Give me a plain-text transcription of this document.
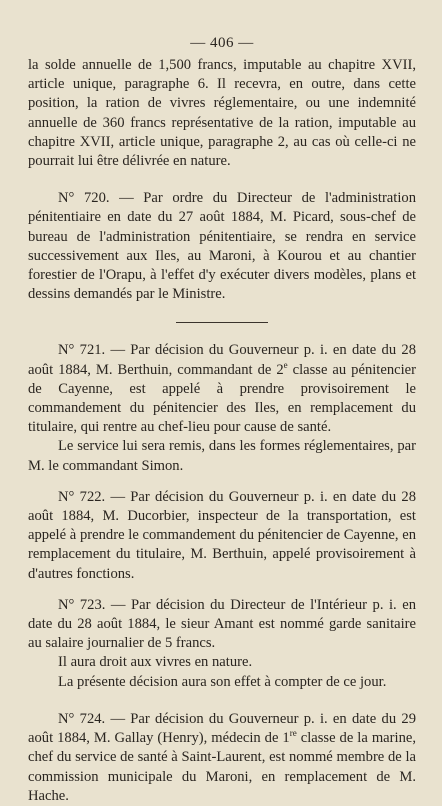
— 406 —

la solde annuelle de 1,500 francs, imputable au chapitre XVII, article unique, paragraphe 6. Il recevra, en outre, dans cette position, la ration de vivres réglementaire, ou une indemnité annuelle de 360 francs représentative de la ration, imputable au chapitre XVII, article unique, paragraphe 2, au cas où celle-ci ne pourrait lui être délivrée en nature.

N° 720. — Par ordre du Directeur de l'administration pénitentiaire en date du 27 août 1884, M. Picard, sous-chef de bureau de l'administration pénitentiaire, se rendra en service successivement aux Iles, au Maroni, à Kourou et au chantier forestier de l'Orapu, à l'effet d'y exécuter divers modèles, plans et dessins demandés par le Ministre.

N° 721. — Par décision du Gouverneur p. i. en date du 28 août 1884, M. Berthuin, commandant de 2e classe au pénitencier de Cayenne, est appelé à prendre provisoirement le commandement du pénitencier des Iles, en remplacement du titulaire, qui rentre au chef-lieu pour cause de santé.

Le service lui sera remis, dans les formes réglementaires, par M. le commandant Simon.

N° 722. — Par décision du Gouverneur p. i. en date du 28 août 1884, M. Ducorbier, inspecteur de la transportation, est appelé à prendre le commandement du pénitencier de Cayenne, en remplacement du titulaire, M. Berthuin, appelé provisoirement à d'autres fonctions.

N° 723. — Par décision du Directeur de l'Intérieur p. i. en date du 28 août 1884, le sieur Amant est nommé garde sanitaire au salaire journalier de 5 francs.

Il aura droit aux vivres en nature.

La présente décision aura son effet à compter de ce jour.

N° 724. — Par décision du Gouverneur p. i. en date du 29 août 1884, M. Gallay (Henry), médecin de 1re classe de la marine, chef du service de santé à Saint-Laurent, est nommé membre de la commission municipale du Maroni, en remplacement de M. Hache.
